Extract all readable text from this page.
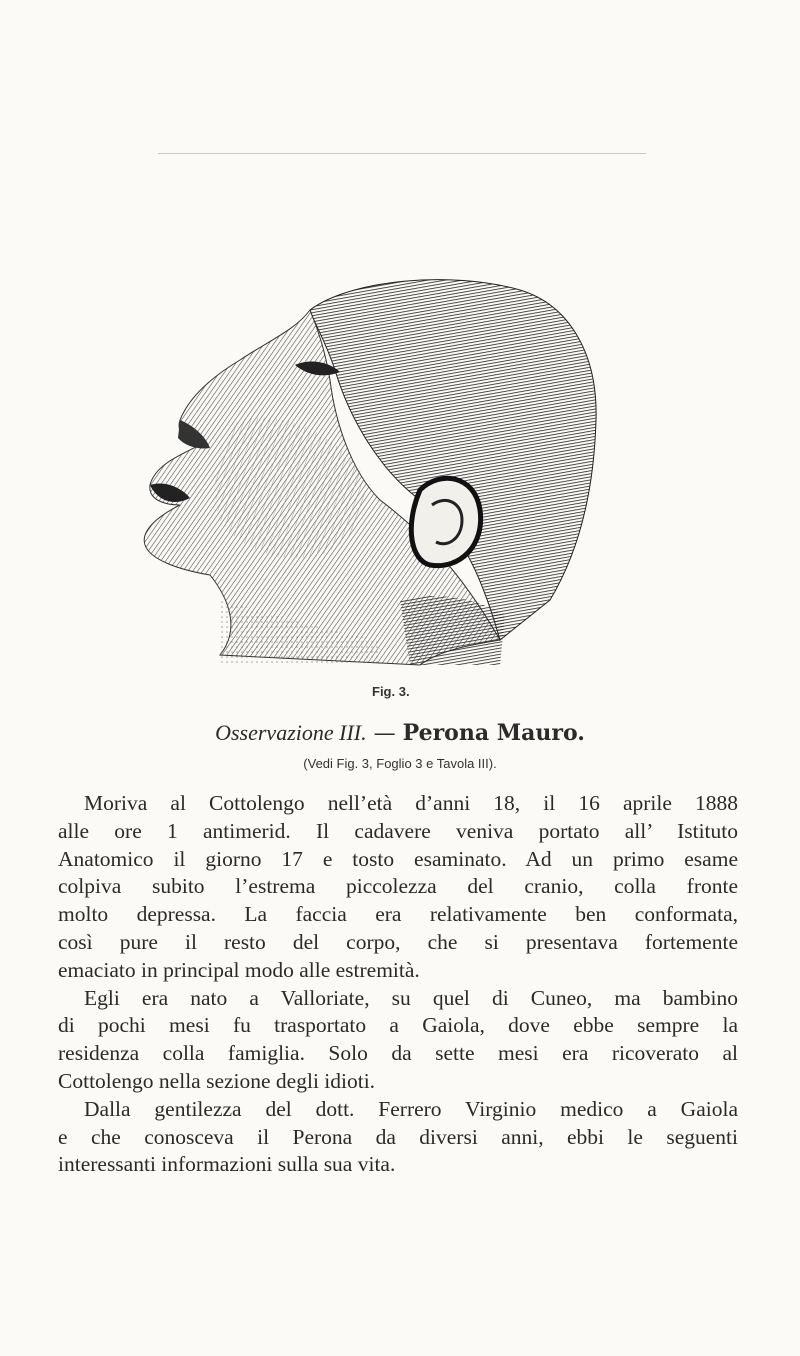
Fig. 3.
Osservazione III. — Perona Mauro.
(Vedi Fig. 3, Foglio 3 e Tavola III).

Moriva al Cottolengo nell’età d’anni 18, il 16 aprile 1888
alle ore 1 antimerid. Il cadavere veniva portato all’ Istituto
Anatomico il giorno 17 e tosto esaminato. Ad un primo esame
colpiva subito l’estrema piccolezza del cranio, colla fronte
molto depressa. La faccia era relativamente ben conformata,
così pure il resto del corpo, che si presentava fortemente
emaciato in principal modo alle estremità.

Egli era nato a Valloriate, su quel di Cuneo, ma bambino
di pochi mesi fu trasportato a Gaiola, dove ebbe sempre la
residenza colla famiglia. Solo da sette mesi era ricoverato al
Cottolengo nella sezione degli idioti.

Dalla gentilezza del dott. Ferrero Virginio medico a Gaiola
e che conosceva il Perona da diversi anni, ebbi le seguenti
interessanti informazioni sulla sua vita.
